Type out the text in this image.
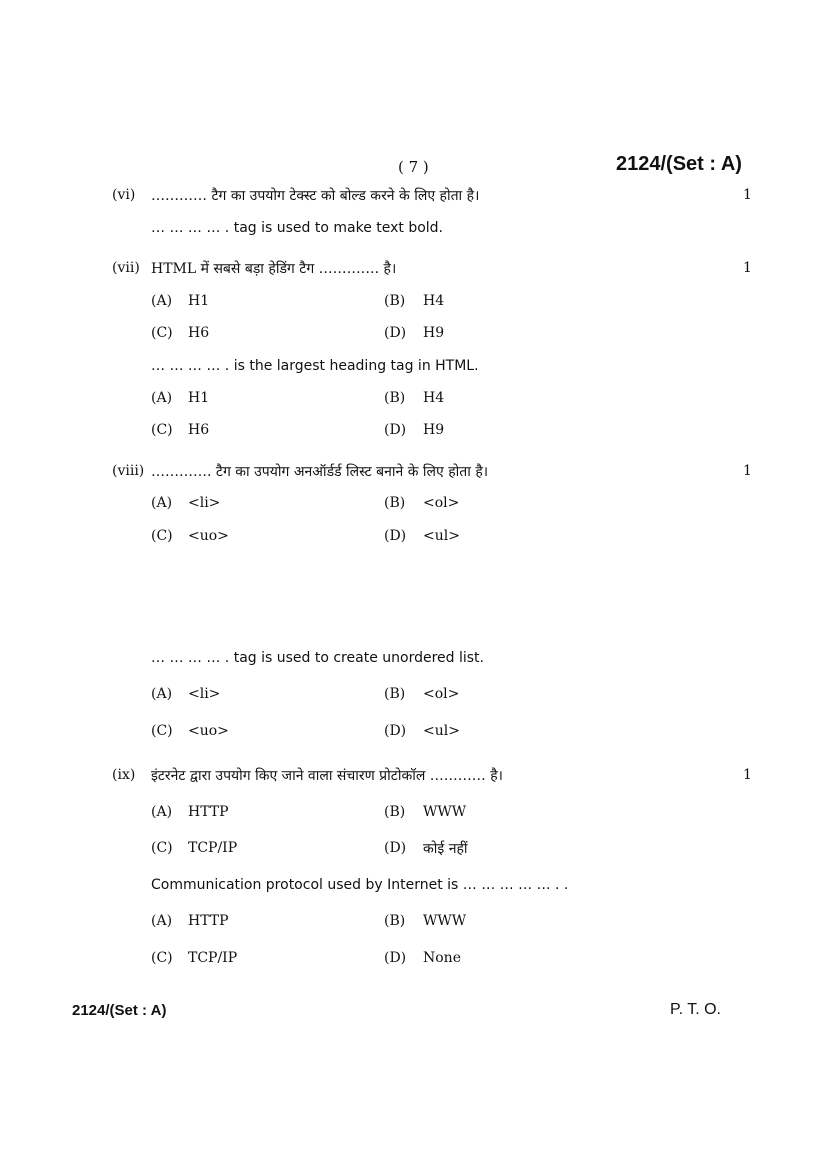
( 7 )	2124/(Set : A)
(vi) ………… टैग का उपयोग टेक्स्ट को बोल्ड करने के लिए होता है।	1
… … … … . tag is used to make text bold.
(vii) HTML में सबसे बड़ा हेडिंग टैग …………. है।	1
(A) H1	(B) H4
(C) H6	(D) H9
… … … … . is the largest heading tag in HTML.
(A) H1	(B) H4
(C) H6	(D) H9
(viii) …………. टैग का उपयोग अनऑर्डर्ड लिस्ट बनाने के लिए होता है।	1
(A) <li>	(B) <ol>
(C) <uo>	(D) <ul>
… … … … . tag is used to create unordered list.
(A) <li>	(B) <ol>
(C) <uo>	(D) <ul>
(ix) इंटरनेट द्वारा उपयोग किए जाने वाला संचारण प्रोटोकॉल ………… है।	1
(A) HTTP	(B) WWW
(C) TCP/IP	(D) कोई नहीं
Communication protocol used by Internet is … … … … … . .
(A) HTTP	(B) WWW
(C) TCP/IP	(D) None
2124/(Set : A)	P. T. O.
